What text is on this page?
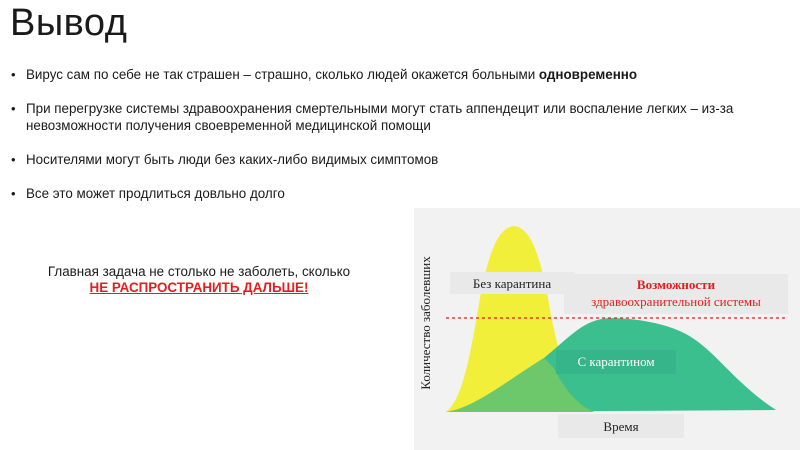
Вывод
• Вирус сам по себе не так страшен – страшно, сколько людей окажется больными одновременно
• При перегрузке системы здравоохранения смертельными могут стать аппендецит или воспаление легких – из-за невозможности получения своевременной медицинской помощи
• Носителями могут быть люди без каких-либо видимых симптомов
• Все это может продлиться довльно долго
Главная задача не столько не заболеть, сколько
НЕ РАСПРОСТРАНИТЬ ДАЛЬШЕ!	Без карантина	Возможности
здравоохранительной системы
С карантином
Количество заболевших
Время
